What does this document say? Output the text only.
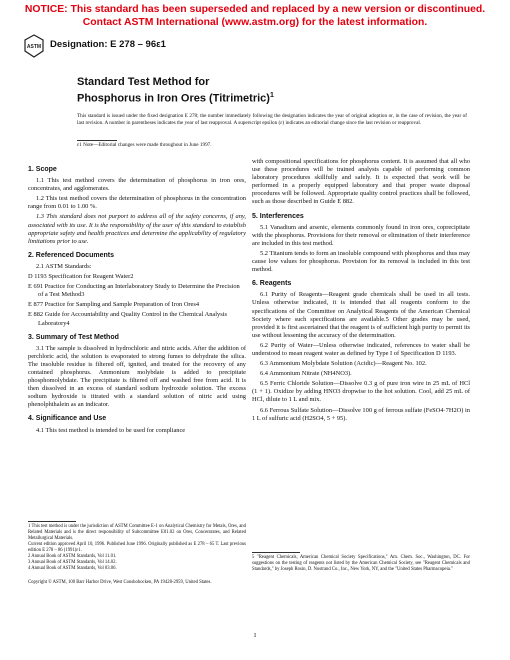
NOTICE: This standard has been superseded and replaced by a new version or discontinued.
Contact ASTM International (www.astm.org) for the latest information.
ASTM Designation: E 278 – 96ε1
Standard Test Method for
Phosphorus in Iron Ores (Titrimetric)$^1$
This standard is issued under the fixed designation E 278; the number immediately following the designation indicates the year of original adoption or, in the case of revision, the year of last revision. A number in parentheses indicates the year of last reapproval. A superscript epsilon (ε) indicates an editorial change since the last revision or reapproval.
ε1 Note—Editorial changes were made throughout in June 1997.
1. Scope

1.1 This test method covers the determination of phosphorus in iron ores, concentrates, and agglomerates.

1.2 This test method covers the determination of phosphorus in the concentration range from 0.01 to 1.00 %.

1.3 This standard does not purport to address all of the safety concerns, if any, associated with its use. It is the responsibility of the user of this standard to establish appropriate safety and health practices and determine the applicability of regulatory limitations prior to use.

2. Referenced Documents

2.1 ASTM Standards:

D 1193 Specification for Reagent Water2

E 691 Practice for Conducting an Interlaboratory Study to Determine the Precision of a Test Method3

E 877 Practice for Sampling and Sample Preparation of Iron Ores4

E 882 Guide for Accountability and Quality Control in the Chemical Analysis Laboratory4

3. Summary of Test Method

3.1 The sample is dissolved in hydrochloric and nitric acids. After the addition of perchloric acid, the solution is evaporated to strong fumes to dehydrate the silica. The insoluble residue is filtered off, ignited, and treated for the recovery of any contained phosphorus. Ammonium molybdate is added to precipitate phosphomolybdate. The precipitate is filtered off and washed free from acid. It is then dissolved in an excess of standard sodium hydroxide solution. The excess sodium hydroxide is titrated with a standard solution of nitric acid using phenolphthalein as an indicator.

4. Significance and Use

4.1 This test method is intended to be used for compliance

with compositional specifications for phosphorus content. It is assumed that all who use these procedures will be trained analysts capable of performing common laboratory procedures skillfully and safely. It is expected that work will be performed in a properly equipped laboratory and that proper waste disposal procedures will be followed. Appropriate quality control practices shall be followed, such as those described in Guide E 882.

5. Interferences

5.1 Vanadium and arsenic, elements commonly found in iron ores, coprecipitate with the phosphorus. Provisions for their removal or elimination of their interference are included in this test method.

5.2 Titanium tends to form an insoluble compound with phosphorus and thus may cause low values for phosphorus. Provision for its removal is included in this test method.

6. Reagents

6.1 Purity of Reagents—Reagent grade chemicals shall be used in all tests. Unless otherwise indicated, it is intended that all reagents conform to the specifications of the Committee on Analytical Reagents of the American Chemical Society where such specifications are available.5 Other grades may be used, provided it is first ascertained that the reagent is of sufficient high purity to permit its use without lessening the accuracy of the determination.

6.2 Purity of Water—Unless otherwise indicated, references to water shall be understood to mean reagent water as defined by Type I of Specification D 1193.

6.3 Ammonium Molybdate Solution (Acidic)—Reagent No. 102.

6.4 Ammonium Nitrate (NH4NO3).

6.5 Ferric Chloride Solution—Dissolve 0.3 g of pure iron wire in 25 mL of HCl (1 + 1). Oxidize by adding HNO3 dropwise to the hot solution. Cool, add 25 mL of HCl, dilute to 1 L and mix.

6.6 Ferrous Sulfate Solution—Dissolve 100 g of ferrous sulfate (FeSO4·7H2O) in 1 L of sulfuric acid (H2SO4, 5 + 95).

1 This test method is under the jurisdiction of ASTM Committee E-1 on Analytical Chemistry for Metals, Ores, and Related Materials and is the direct responsibility of Subcommittee E01.02 on Ores, Concentrates, and Related Metallurgical Materials.

Current edition approved April 10, 1996. Published June 1996. Originally published as E 278 – 65 T. Last previous edition E 278 – 86 (1991)ε1.

2 Annual Book of ASTM Standards, Vol 11.01.

3 Annual Book of ASTM Standards, Vol 14.02.

4 Annual Book of ASTM Standards, Vol 03.06.

5 "Reagent Chemicals, American Chemical Society Specifications," Am. Chem. Soc., Washington, DC. For suggestions on the testing of reagents not listed by the American Chemical Society, see "Reagent Chemicals and Standards," by Joseph Rosin, D. Nostrand Co., Inc., New York, NY, and the "United States Pharmacopeia."

Copyright © ASTM, 100 Barr Harbor Drive, West Conshohocken, PA 19428-2959, United States.
1
